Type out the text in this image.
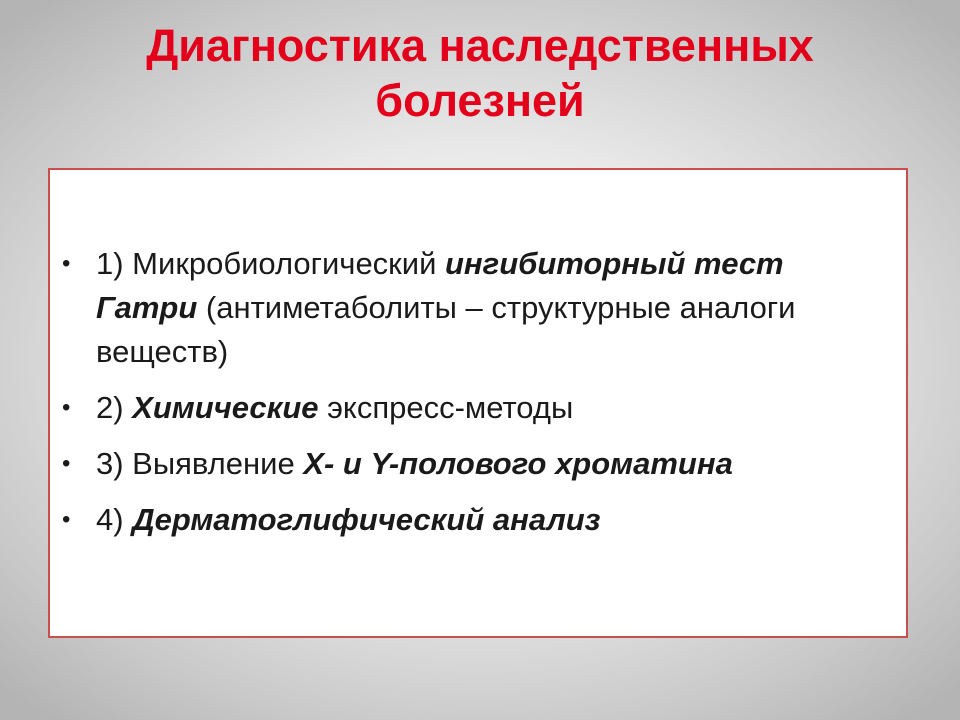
Диагностика наследственных болезней
• 1) Микробиологический ингибиторный тест Гатри (антиметаболиты – структурные аналоги веществ)
• 2) Химические экспресс-методы
• 3) Выявление X- и Y-полового хроматина
• 4) Дерматоглифический анализ
